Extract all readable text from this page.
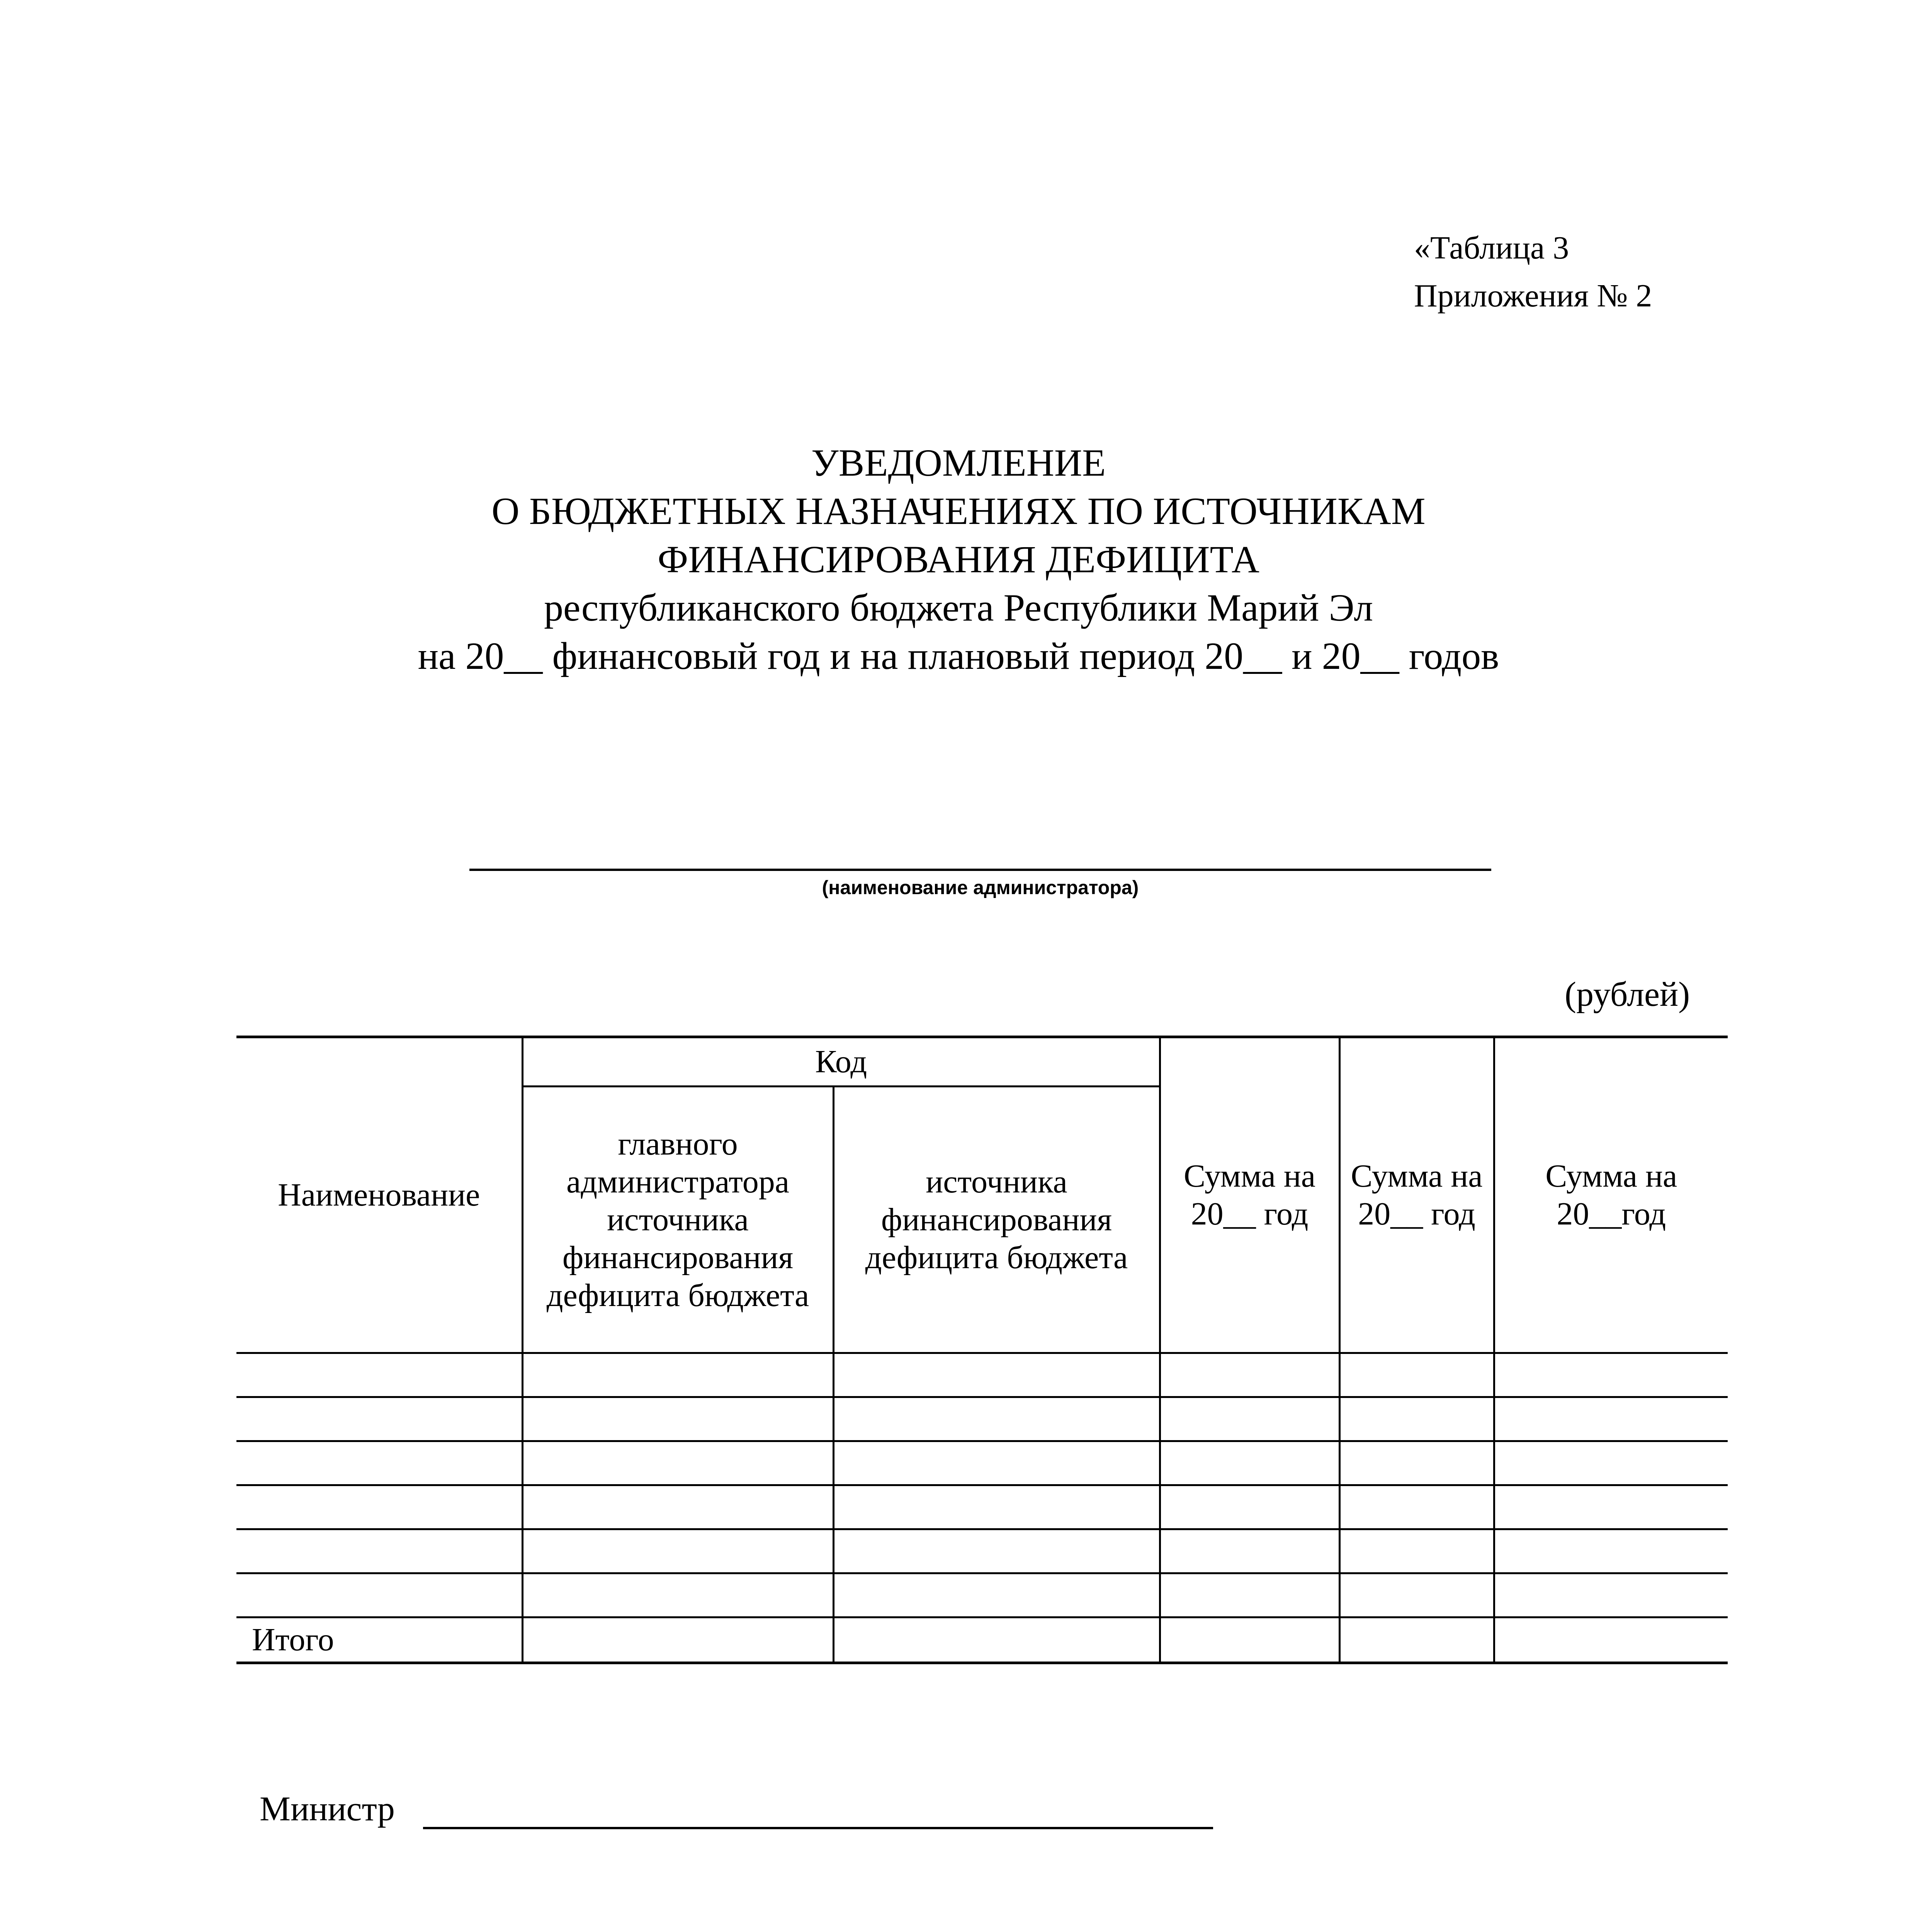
«Таблица 3
Приложения № 2
УВЕДОМЛЕНИЕ
О БЮДЖЕТНЫХ НАЗНАЧЕНИЯХ ПО ИСТОЧНИКАМ
ФИНАНСИРОВАНИЯ ДЕФИЦИТА
республиканского бюджета Республики Марий Эл
на 20__ финансовый год и на плановый период 20__ и 20__ годов
(наименование администратора)
(рублей)
Наименование	Код		Сумма на 20__ год	Сумма на 20__ год	Сумма на 20__год
	главного администратора источника финансирования дефицита бюджета	источника финансирования дефицита бюджета			

Итого					
Министр
